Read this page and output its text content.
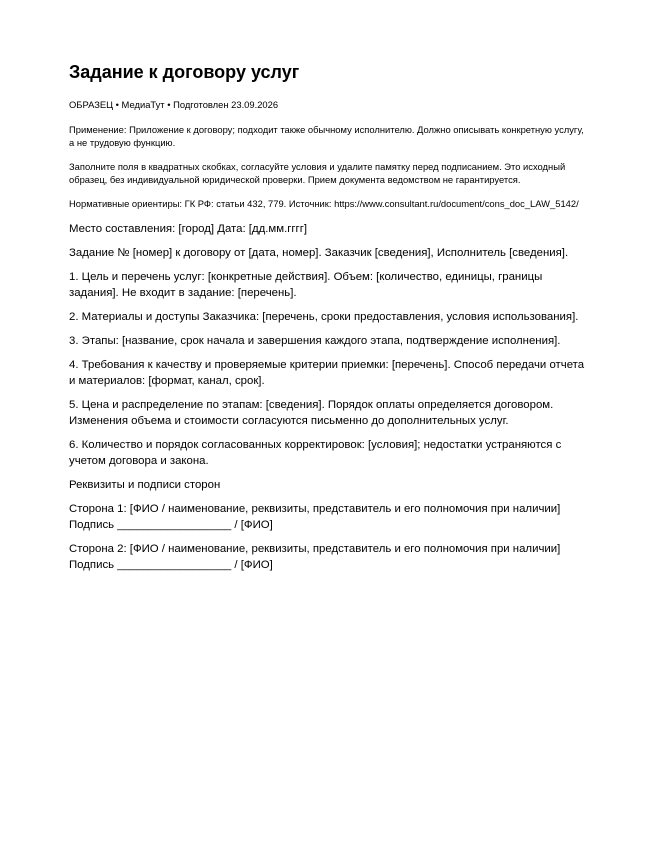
Задание к договору услуг

ОБРАЗЕЦ • МедиаТут • Подготовлен 23.09.2026

Применение: Приложение к договору; подходит также обычному исполнителю. Должно описывать конкретную услугу, а не трудовую функцию.

Заполните поля в квадратных скобках, согласуйте условия и удалите памятку перед подписанием. Это исходный образец, без индивидуальной юридической проверки. Прием документа ведомством не гарантируется.

Нормативные ориентиры: ГК РФ: статьи 432, 779. Источник: https://www.consultant.ru/document/cons_doc_LAW_5142/

Место составления: [город] Дата: [дд.мм.гггг]

Задание № [номер] к договору от [дата, номер]. Заказчик [сведения], Исполнитель [сведения].

1. Цель и перечень услуг: [конкретные действия]. Объем: [количество, единицы, границы задания]. Не входит в задание: [перечень].

2. Материалы и доступы Заказчика: [перечень, сроки предоставления, условия использования].

3. Этапы: [название, срок начала и завершения каждого этапа, подтверждение исполнения].

4. Требования к качеству и проверяемые критерии приемки: [перечень]. Способ передачи отчета и материалов: [формат, канал, срок].

5. Цена и распределение по этапам: [сведения]. Порядок оплаты определяется договором. Изменения объема и стоимости согласуются письменно до дополнительных услуг.

6. Количество и порядок согласованных корректировок: [условия]; недостатки устраняются с учетом договора и закона.

Реквизиты и подписи сторон

Сторона 1: [ФИО / наименование, реквизиты, представитель и его полномочия при наличии]
Подпись __________________ / [ФИО]
Сторона 2: [ФИО / наименование, реквизиты, представитель и его полномочия при наличии]
Подпись __________________ / [ФИО]
